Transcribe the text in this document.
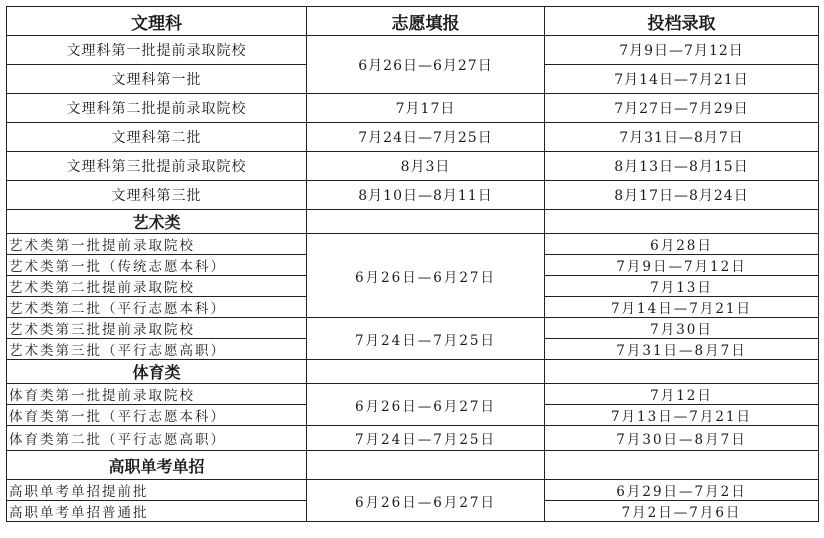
文理科	志愿填报	投档录取
文理科第一批提前录取院校	6月26日—6月27日	7月9日—7月12日
文理科第一批		7月14日—7月21日
文理科第二批提前录取院校	7月17日	7月27日—7月29日
文理科第二批	7月24日—7月25日	7月31日—8月7日
文理科第三批提前录取院校	8月3日	8月13日—8月15日
文理科第三批	8月10日—8月11日	8月17日—8月24日
艺术类		
艺术类第一批提前录取院校	6月26日—6月27日	6月28日
艺术类第一批（传统志愿本科）		7月9日—7月12日
艺术类第二批提前录取院校		7月13日
艺术类第二批（平行志愿本科）		7月14日—7月21日
艺术类第三批提前录取院校	7月24日—7月25日	7月30日
艺术类第三批（平行志愿高职）		7月31日—8月7日
体育类		
体育类第一批提前录取院校	6月26日—6月27日	7月12日
体育类第一批（平行志愿本科）		7月13日—7月21日
体育类第二批（平行志愿高职）	7月24日—7月25日	7月30日—8月7日
高职单考单招		
高职单考单招提前批	6月26日—6月27日	6月29日—7月2日
高职单考单招普通批		7月2日—7月6日
